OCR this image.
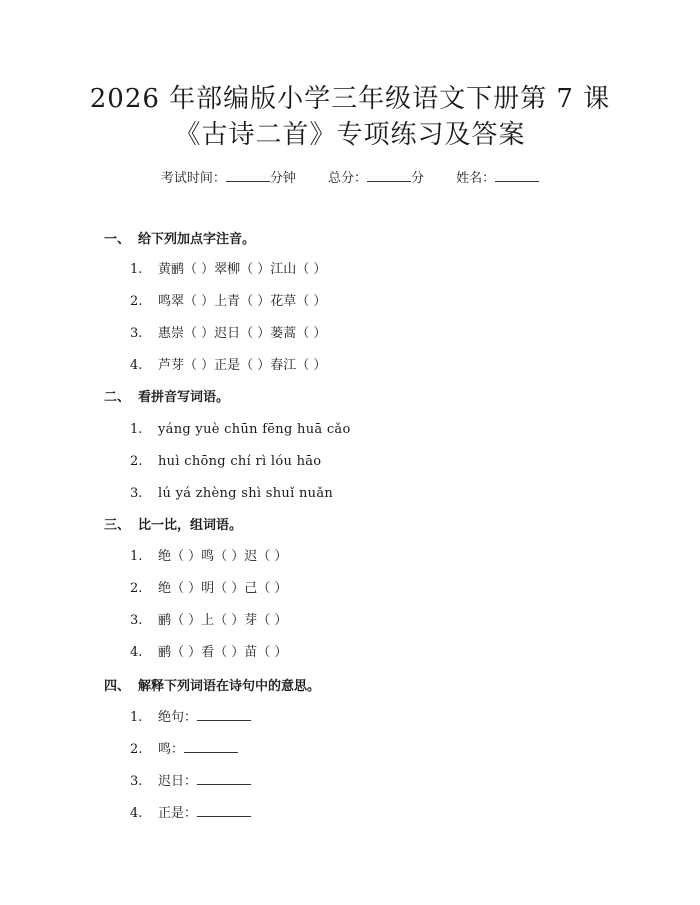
2026 年部编版小学三年级语文下册第 7 课
《古诗二首》专项练习及答案
考试时间：	分钟 总分：	分 姓名：
一、 给下列加点字注音。
1. 黄鹂（ ）翠柳（ ）江山（ ）
2. 鸣翠（ ）上青（ ）花草（ ）
3. 惠崇（ ）迟日（ ）蒌蒿（ ）
4. 芦芽（ ）正是（ ）春江（ ）
二、 看拼音写词语。
1. yáng yuè chūn fēng huā cǎo
2. huì chōng chí rì lóu hāo
3. lú yá zhèng shì shuǐ nuǎn
三、 比一比，组词语。
1. 绝（ ）鸣（ ）迟（ ）
2. 绝（ ）明（ ）己（ ）
3. 鹂（ ）上（ ）芽（ ）
4. 鹂（ ）看（ ）苗（ ）
四、 解释下列词语在诗句中的意思。
1. 绝句：
2. 鸣：
3. 迟日：
4. 正是：
